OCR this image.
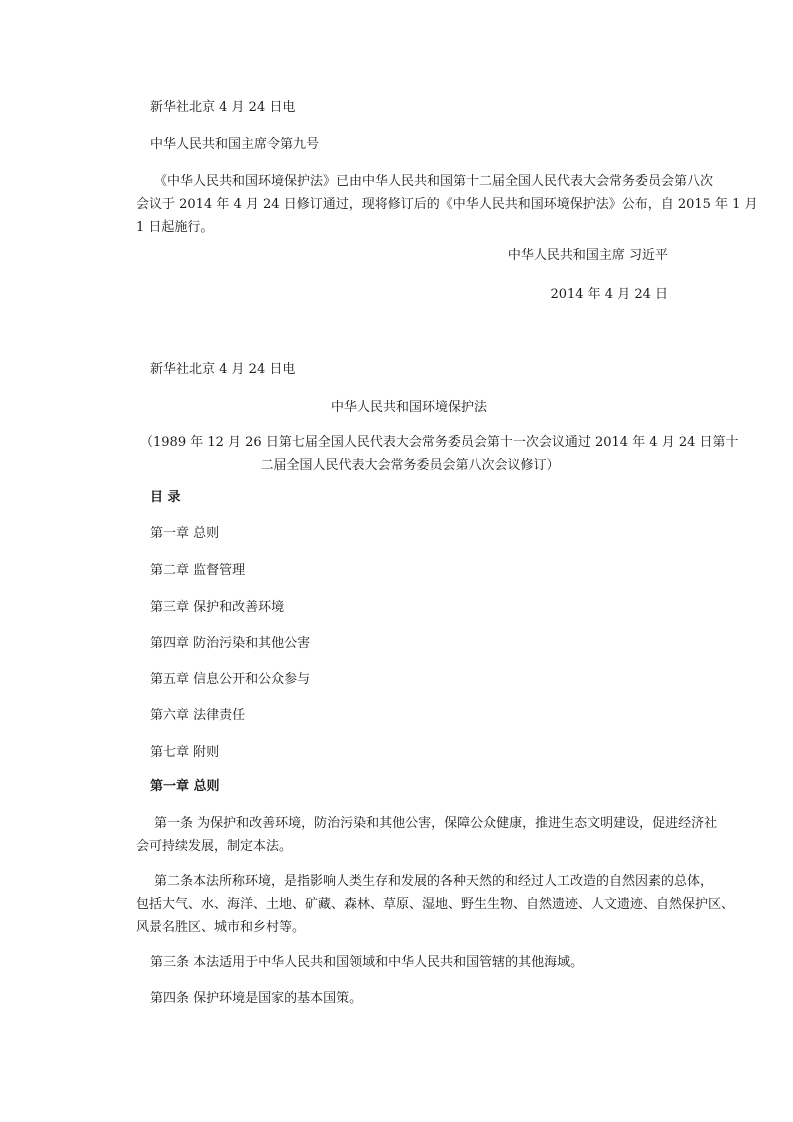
新华社北京 4 月 24 日电
中华人民共和国主席令第九号
《中华人民共和国环境保护法》已由中华人民共和国第十二届全国人民代表大会常务委员会第八次
会议于 2014 年 4 月 24 日修订通过，现将修订后的《中华人民共和国环境保护法》公布，自 2015 年 1 月
1 日起施行。
中华人民共和国主席 习近平
2014 年 4 月 24 日
新华社北京 4 月 24 日电
中华人民共和国环境保护法
（1989 年 12 月 26 日第七届全国人民代表大会常务委员会第十一次会议通过 2014 年 4 月 24 日第十
二届全国人民代表大会常务委员会第八次会议修订）
目 录
第一章 总则
第二章 监督管理
第三章 保护和改善环境
第四章 防治污染和其他公害
第五章 信息公开和公众参与
第六章 法律责任
第七章 附则
第一章 总则
第一条 为保护和改善环境，防治污染和其他公害，保障公众健康，推进生态文明建设，促进经济社
会可持续发展，制定本法。
第二条本法所称环境，是指影响人类生存和发展的各种天然的和经过人工改造的自然因素的总体，
包括大气、水、海洋、土地、矿藏、森林、草原、湿地、野生生物、自然遗迹、人文遗迹、自然保护区、
风景名胜区、城市和乡村等。
第三条 本法适用于中华人民共和国领域和中华人民共和国管辖的其他海域。
第四条 保护环境是国家的基本国策。
